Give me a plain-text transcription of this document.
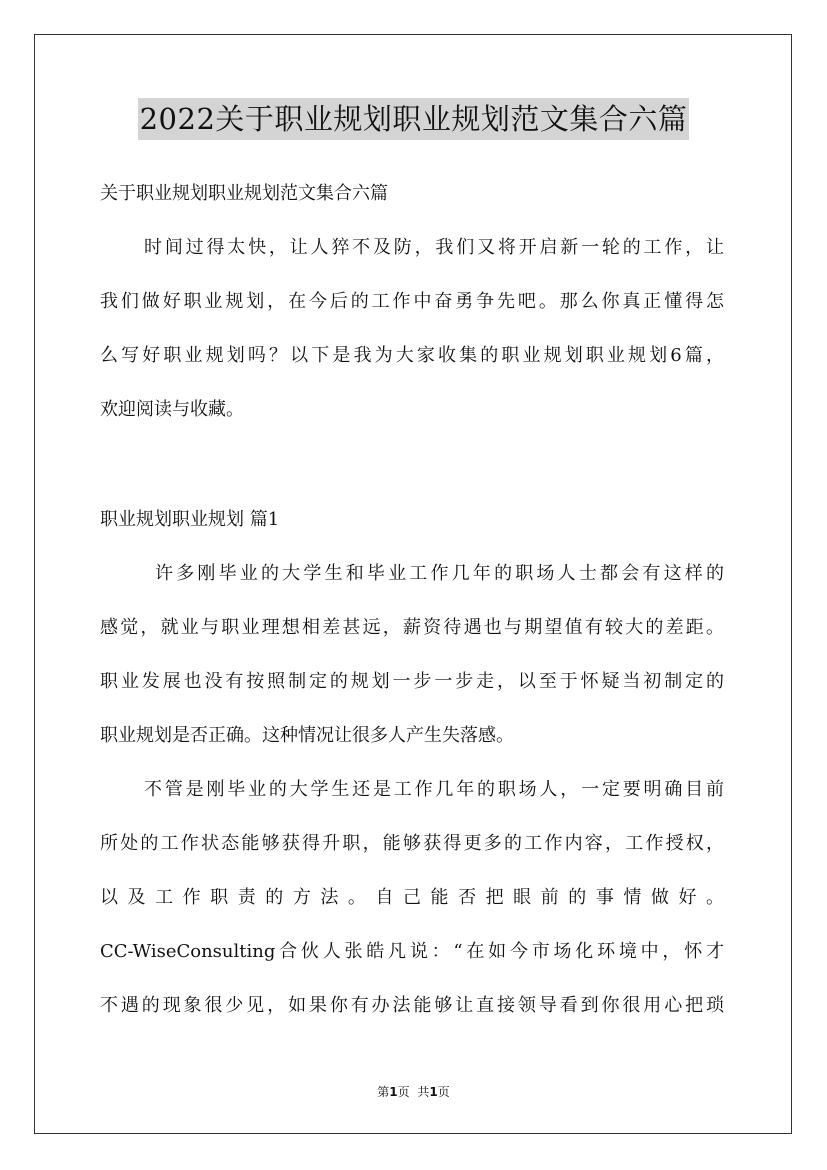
2022关于职业规划职业规划范文集合六篇
关于职业规划职业规划范文集合六篇
时间过得太快，让人猝不及防，我们又将开启新一轮的工作，让
我们做好职业规划，在今后的工作中奋勇争先吧。那么你真正懂得怎
么写好职业规划吗？以下是我为大家收集的职业规划职业规划6篇，
欢迎阅读与收藏。
职业规划职业规划 篇1
许多刚毕业的大学生和毕业工作几年的职场人士都会有这样的
感觉，就业与职业理想相差甚远，薪资待遇也与期望值有较大的差距。
职业发展也没有按照制定的规划一步一步走，以至于怀疑当初制定的
职业规划是否正确。这种情况让很多人产生失落感。
不管是刚毕业的大学生还是工作几年的职场人，一定要明确目前
所处的工作状态能够获得升职，能够获得更多的工作内容，工作授权，
以及工作职责的方法。自己能否把眼前的事情做好。
CC-WiseConsulting合伙人张皓凡说：“在如今市场化环境中，怀才
不遇的现象很少见，如果你有办法能够让直接领导看到你很用心把琐
第1页 共1页
